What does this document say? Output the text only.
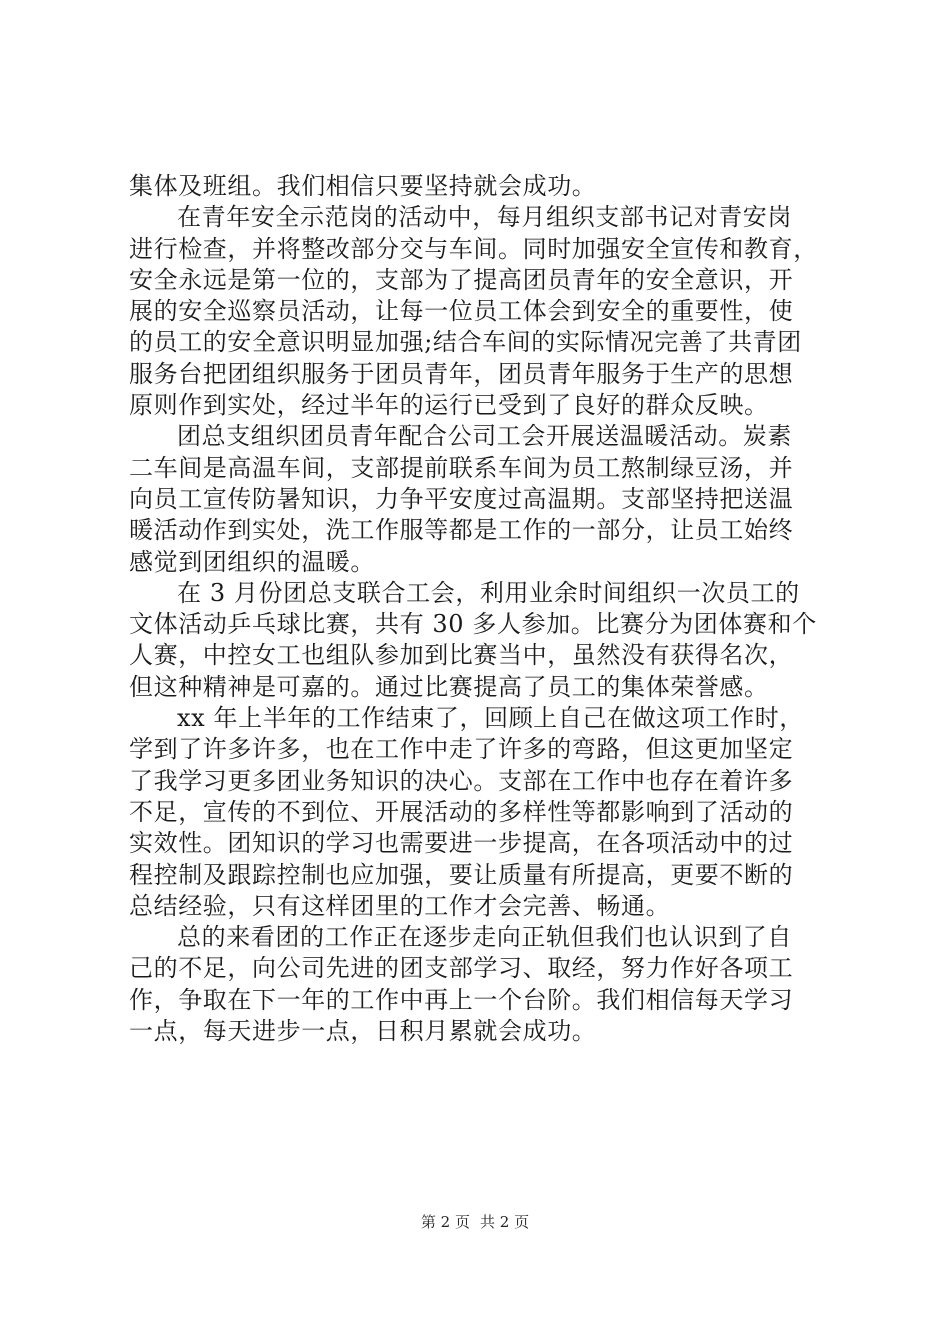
集体及班组。我们相信只要坚持就会成功。
在青年安全示范岗的活动中，每月组织支部书记对青安岗
进行检查，并将整改部分交与车间。同时加强安全宣传和教育，
安全永远是第一位的，支部为了提高团员青年的安全意识，开
展的安全巡察员活动，让每一位员工体会到安全的重要性，使
的员工的安全意识明显加强;结合车间的实际情况完善了共青团
服务台把团组织服务于团员青年，团员青年服务于生产的思想
原则作到实处，经过半年的运行已受到了良好的群众反映。
团总支组织团员青年配合公司工会开展送温暖活动。炭素
二车间是高温车间，支部提前联系车间为员工熬制绿豆汤，并
向员工宣传防暑知识，力争平安度过高温期。支部坚持把送温
暖活动作到实处，洗工作服等都是工作的一部分，让员工始终
感觉到团组织的温暖。
在 3 月份团总支联合工会，利用业余时间组织一次员工的
文体活动乒乓球比赛，共有 30 多人参加。比赛分为团体赛和个
人赛，中控女工也组队参加到比赛当中，虽然没有获得名次，
但这种精神是可嘉的。通过比赛提高了员工的集体荣誉感。
xx 年上半年的工作结束了，回顾上自己在做这项工作时，
学到了许多许多，也在工作中走了许多的弯路，但这更加坚定
了我学习更多团业务知识的决心。支部在工作中也存在着许多
不足，宣传的不到位、开展活动的多样性等都影响到了活动的
实效性。团知识的学习也需要进一步提高，在各项活动中的过
程控制及跟踪控制也应加强，要让质量有所提高，更要不断的
总结经验，只有这样团里的工作才会完善、畅通。
总的来看团的工作正在逐步走向正轨但我们也认识到了自
己的不足，向公司先进的团支部学习、取经，努力作好各项工
作，争取在下一年的工作中再上一个台阶。我们相信每天学习
一点，每天进步一点，日积月累就会成功。
第 2 页 共 2 页
